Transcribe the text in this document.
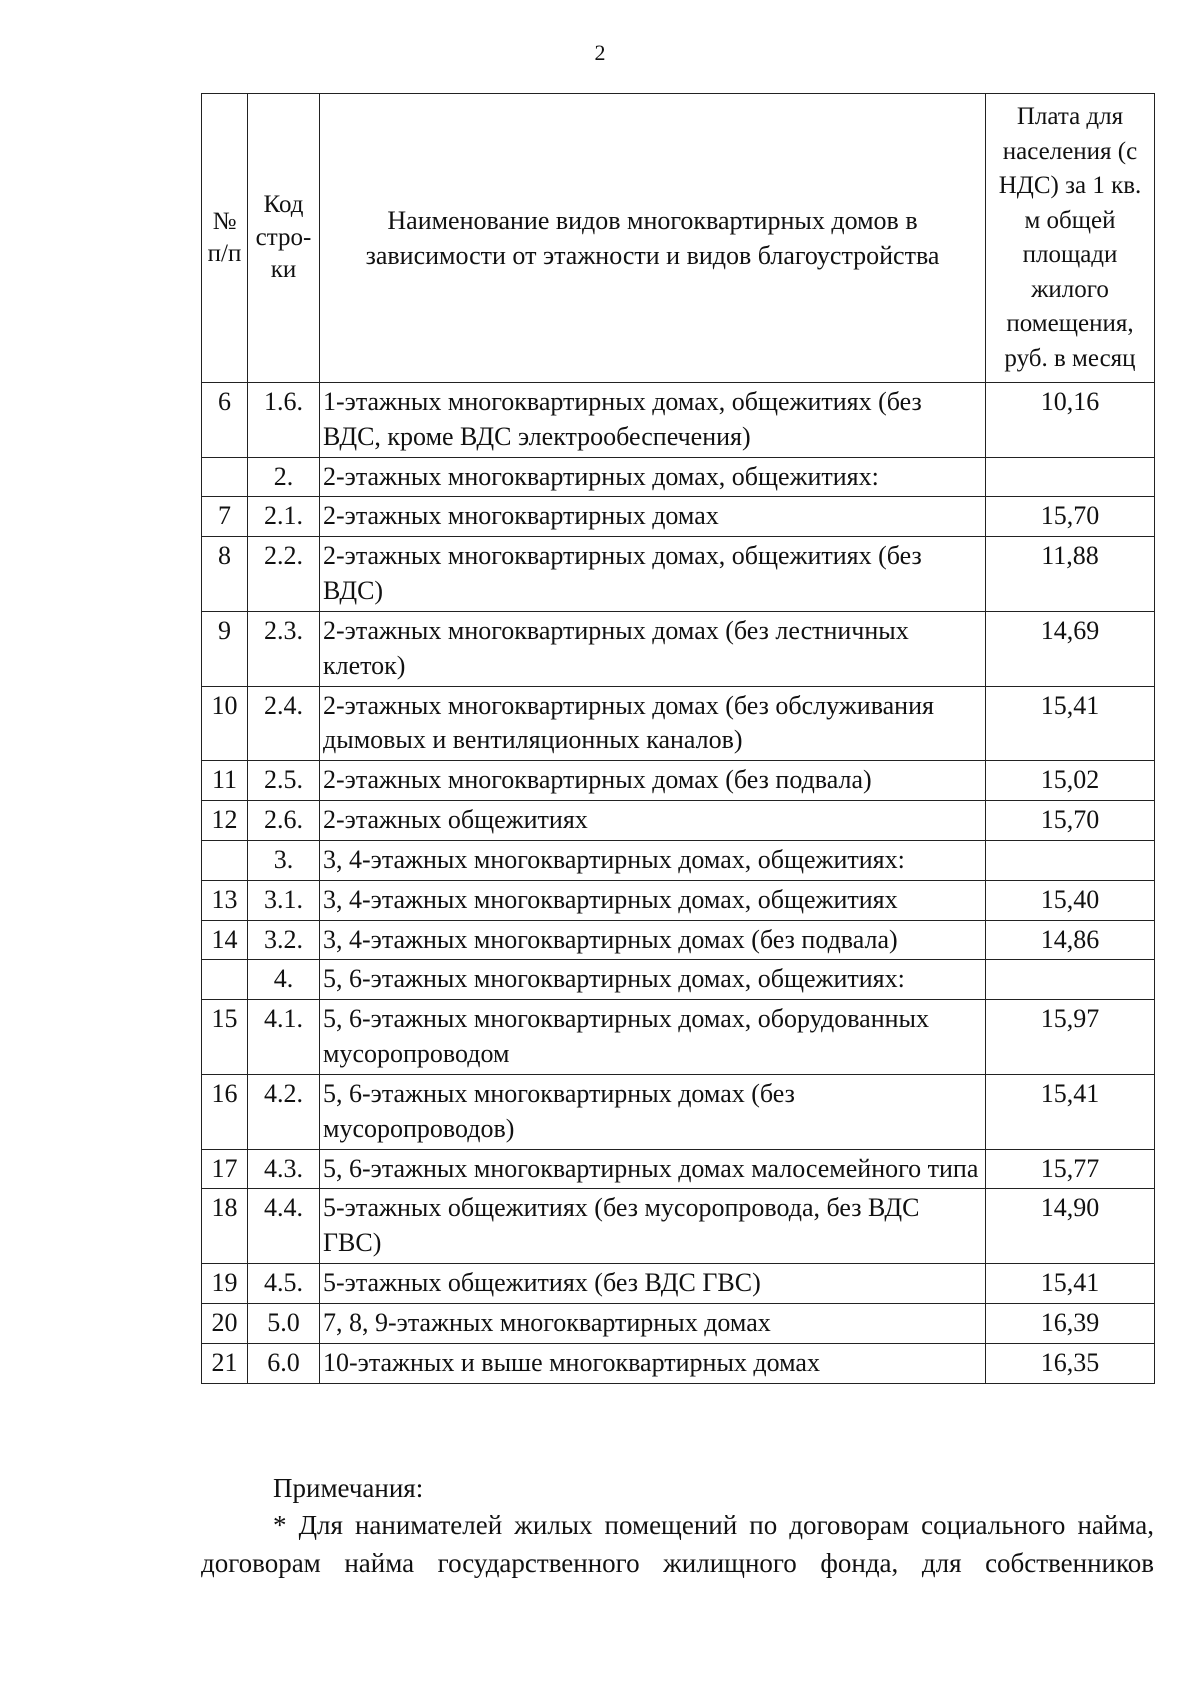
2
№ п/п	Код стро-ки	Наименование видов многоквартирных домов в зависимости от этажности и видов благоустройства	Плата для населения (с НДС) за 1 кв. м общей площади жилого помещения, руб. в месяц
6	1.6.	1-этажных многоквартирных домах, общежитиях (без ВДС, кроме ВДС электрообеспечения)	10,16
	2.	2-этажных многоквартирных домах, общежитиях:	
7	2.1.	2-этажных многоквартирных домах	15,70
8	2.2.	2-этажных многоквартирных домах, общежитиях (без ВДС)	11,88
9	2.3.	2-этажных многоквартирных домах (без лестничных клеток)	14,69
10	2.4.	2-этажных многоквартирных домах (без обслуживания дымовых и вентиляционных каналов)	15,41
11	2.5.	2-этажных многоквартирных домах (без подвала)	15,02
12	2.6.	2-этажных общежитиях	15,70
	3.	3, 4-этажных многоквартирных домах, общежитиях:	
13	3.1.	3, 4-этажных многоквартирных домах, общежитиях	15,40
14	3.2.	3, 4-этажных многоквартирных домах (без подвала)	14,86
	4.	5, 6-этажных многоквартирных домах, общежитиях:	
15	4.1.	5, 6-этажных многоквартирных домах, оборудованных мусоропроводом	15,97
16	4.2.	5, 6-этажных многоквартирных домах (без мусоропроводов)	15,41
17	4.3.	5, 6-этажных многоквартирных домах малосемейного типа	15,77
18	4.4.	5-этажных общежитиях (без мусоропровода, без ВДС ГВС)	14,90
19	4.5.	5-этажных общежитиях (без ВДС ГВС)	15,41
20	5.0	7, 8, 9-этажных многоквартирных домах	16,39
21	6.0	10-этажных и выше многоквартирных домах	16,35
Примечания:
* Для нанимателей жилых помещений по договорам социального найма, договорам найма государственного жилищного фонда, для собственников
